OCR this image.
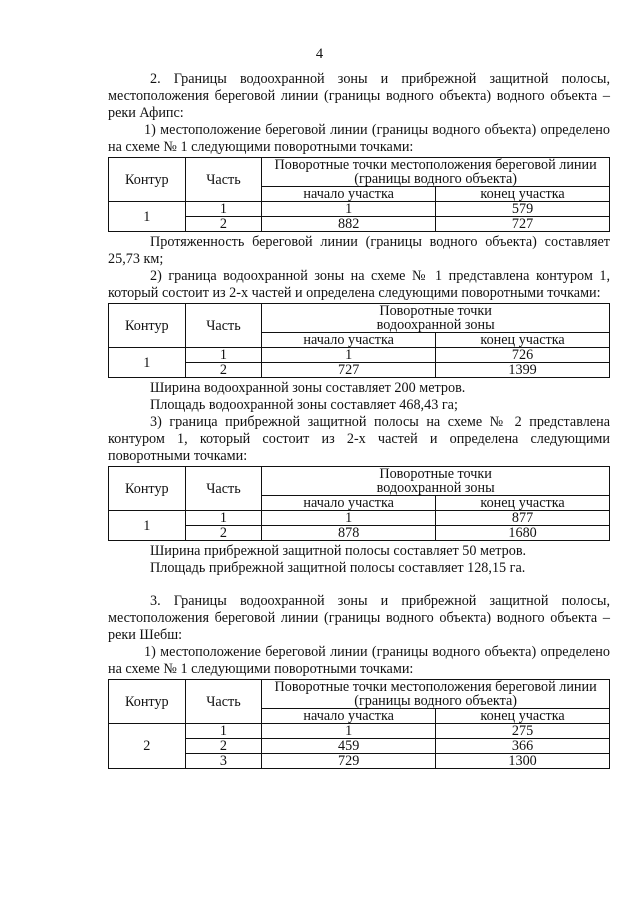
4

2. Границы водоохранной зоны и прибрежной защитной полосы, местоположения береговой линии (границы водного объекта) водного объекта – реки Афипс:

1) местоположение береговой линии (границы водного объекта) определено на схеме № 1 следующими поворотными точками:

Контур	Часть	Поворотные точки местоположения береговой линии (границы водного объекта)	
		начало участка	конец участка
1	1	1	579
	2	882	727

Протяженность береговой линии (границы водного объекта) составляет 25,73 км;

2) граница водоохранной зоны на схеме № 1 представлена контуром 1, который состоит из 2-х частей и определена следующими поворотными точками:

Контур	Часть	Поворотные точки
водоохранной зоны	
		начало участка	конец участка
1	1	1	726
	2	727	1399

Ширина водоохранной зоны составляет 200 метров.

Площадь водоохранной зоны составляет 468,43 га;

3) граница прибрежной защитной полосы на схеме № 2 представлена контуром 1, который состоит из 2-х частей и определена следующими поворотными точками:

Контур	Часть	Поворотные точки
водоохранной зоны	
		начало участка	конец участка
1	1	1	877
	2	878	1680

Ширина прибрежной защитной полосы составляет 50 метров.

Площадь прибрежной защитной полосы составляет 128,15 га.

3. Границы водоохранной зоны и прибрежной защитной полосы, местоположения береговой линии (границы водного объекта) водного объекта – реки Шебш:

1) местоположение береговой линии (границы водного объекта) определено на схеме № 1 следующими поворотными точками:

Контур	Часть	Поворотные точки местоположения береговой линии
(границы водного объекта)	
		начало участка	конец участка
2	1	1	275
	2	459	366
	3	729	1300
